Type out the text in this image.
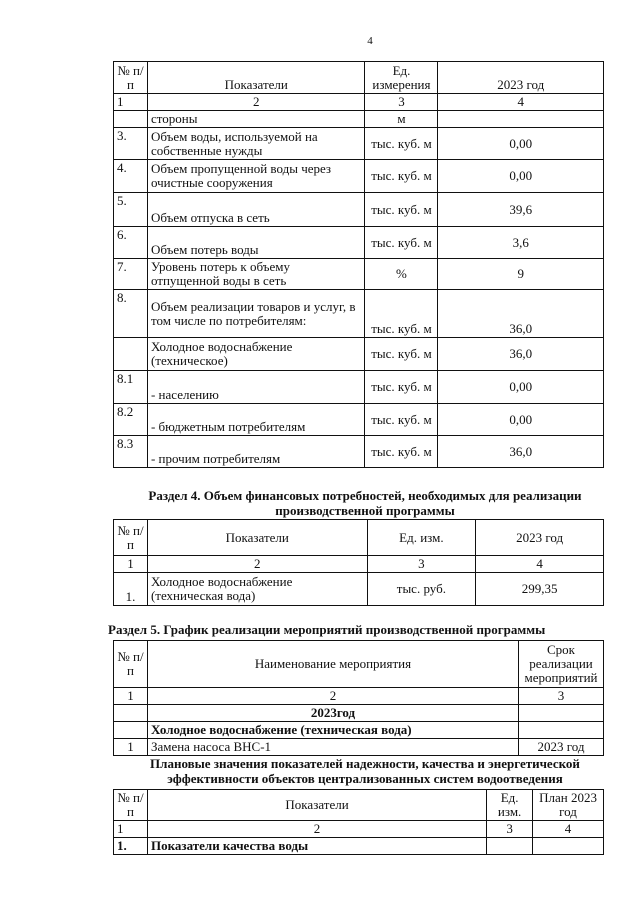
4
№ п/п	Показатели	Ед. измерения	2023 год
1	2	3	4
	стороны	м	
3.	Объем воды, используемой на собственные нужды	тыс. куб. м	0,00
4.	Объем пропущенной воды через очистные сооружения	тыс. куб. м	0,00
5.	Объем отпуска в сеть	тыс. куб. м	39,6
6.	Объем потерь воды	тыс. куб. м	3,6
7.	Уровень потерь к объему отпущенной воды в сеть	%	9
8.	Объем реализации товаров и услуг, в том числе по потребителям:	тыс. куб. м	36,0
	Холодное водоснабжение (техническое)	тыс. куб. м	36,0
8.1	- населению	тыс. куб. м	0,00
8.2	- бюджетным потребителям	тыс. куб. м	0,00
8.3	- прочим потребителям	тыс. куб. м	36,0
Раздел 4. Объем финансовых потребностей, необходимых для реализации производственной программы
№ п/п	Показатели	Ед. изм.	2023 год
1	2	3	4
1.	Холодное водоснабжение (техническая вода)	тыс. руб.	299,35
Раздел 5. График реализации мероприятий производственной программы
№ п/п	Наименование мероприятия	Срок реализации мероприятий
1	2	3
	2023год	
	Холодное водоснабжение (техническая вода)	
1	Замена насоса ВНС-1	2023 год
Плановые значения показателей надежности, качества и энергетической эффективности объектов централизованных систем водоотведения
№ п/п	Показатели	Ед. изм.	План 2023 год
1	2	3	4
1.	Показатели качества воды		
